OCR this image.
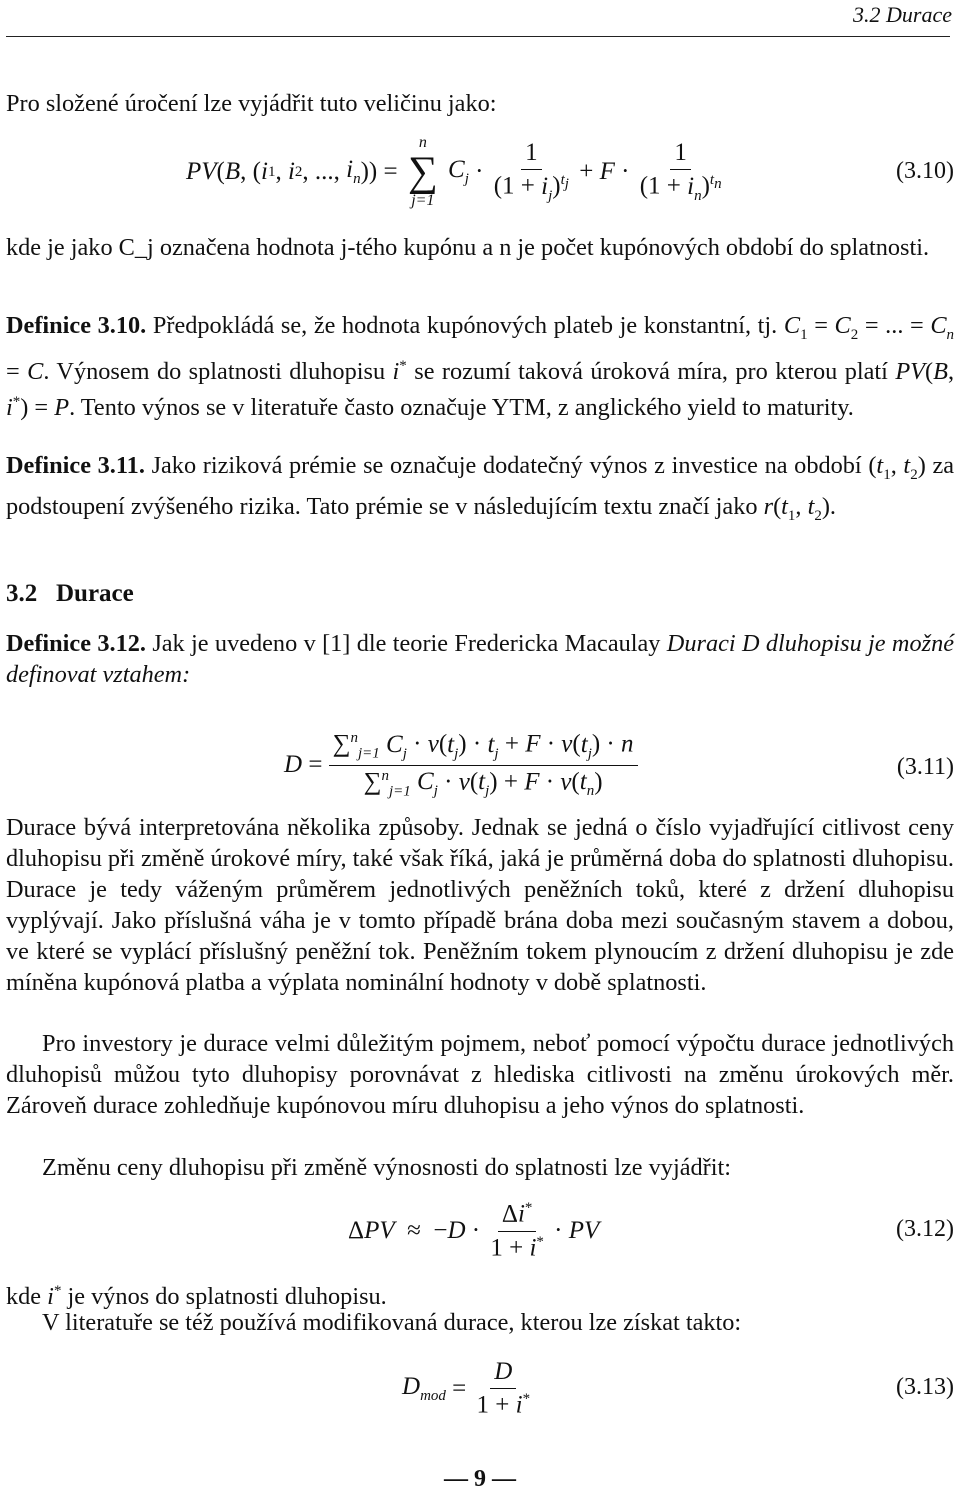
3.2 Durace
Pro složené úročení lze vyjádřit tuto veličinu jako:
PV ( B , ( i 1 , i 2 , ..., $i_n$ )) =
n
∑
j=1
$C_j \cdot \frac{1}{(1 + i_j)^{t_j}} + F \cdot \frac{1}{(1 + i_n)^{t_n}}$	(3.10)
kde je jako C_j označena hodnota j-tého kupónu a n je počet kupónových období do splatnosti.
Definice 3.10. Předpokládá se, že hodnota kupónových plateb je konstantní, tj. $C_1 = C_2$ = ... = $C_n = C$. Výnosem do splatnosti dluhopisu i* se rozumí taková úroková míra, pro kterou platí PV(B, i*) = P. Tento výnos se v literatuře často označuje YTM, z anglického yield to maturity.
Definice 3.11. Jako riziková prémie se označuje dodatečný výnos z investice na období ($t_1$, $t_2$) za podstoupení zvýšeného rizika. Tato prémie se v následujícím textu značí jako $r(t_1$, $t_2$).
3.2 Durace
Definice 3.12. Jak je uvedeno v [1] dle teorie Fredericka Macaulay Duraci D dluhopisu je možné definovat vztahem:
$D = \frac{\sum^n_{j=1} C_j \cdot v(t_j) \cdot t_j + F \cdot v(t_j) \cdot n}{\sum^n_{j=1} C_j \cdot v(t_j) + F \cdot v(t_n)}$	(3.11)
Durace bývá interpretována několika způsoby. Jednak se jedná o číslo vyjadřující citlivost ceny dluhopisu při změně úrokové míry, také však říká, jaká je průměrná doba do splatnosti dluhopisu. Durace je tedy váženým průměrem jednotlivých peněžních toků, které z držení dluhopisu vyplývají. Jako příslušná váha je v tomto případě brána doba mezi současným stavem a dobou, ve které se vyplácí příslušný peněžní tok. Peněžním tokem plynoucím z držení dluhopisu je zde míněna kupónová platba a výplata nominální hodnoty v době splatnosti.
Pro investory je durace velmi důležitým pojmem, neboť pomocí výpočtu durace jednotlivých dluhopisů můžou tyto dluhopisy porovnávat z hlediska citlivosti na změnu úrokových měr. Zároveň durace zohledňuje kupónovou míru dluhopisu a jeho výnos do splatnosti.
Změnu ceny dluhopisu při změně výnosnosti do splatnosti lze vyjádřit:
Δ PV ≈  − $D \cdot \frac{\Delta i^*}{1 + i^*}$ · PV	(3.12)
kde i* je výnos do splatnosti dluhopisu.
V literatuře se též používá modifikovaná durace, kterou lze získat takto:
$D_{mod} = \frac{D}{1 + i^*}$	(3.13)
— 9 —
